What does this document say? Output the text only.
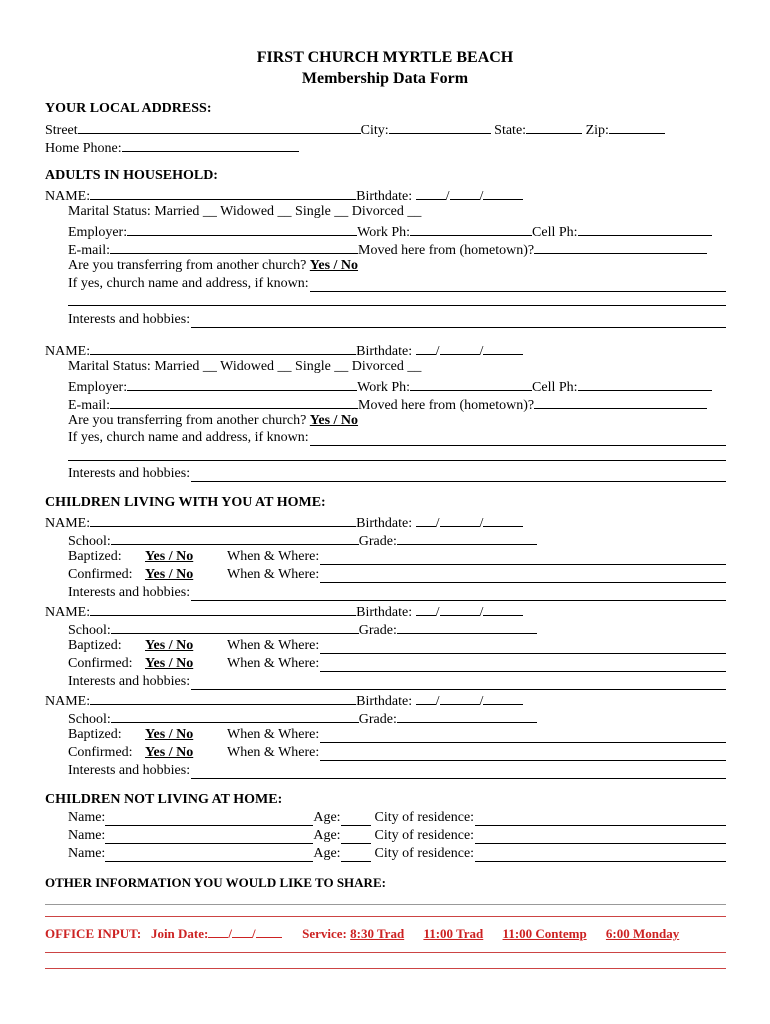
FIRST CHURCH MYRTLE BEACH
Membership Data Form
YOUR LOCAL ADDRESS:
Street	City:	State:	Zip:
Home Phone:
ADULTS IN HOUSEHOLD:
NAME:	Birthdate: / /
Marital Status: Married __ Widowed __ Single __ Divorced __
Employer:	Work Ph:	Cell Ph:
E-mail:	Moved here from (hometown)?
Are you transferring from another church? Yes / No
If yes, church name and address, if known:
Interests and hobbies:
NAME:	Birthdate: /	/
Marital Status: Married __ Widowed __ Single __ Divorced __
Employer:	Work Ph:	Cell Ph:
E-mail:	Moved here from (hometown)?
Are you transferring from another church? Yes / No
If yes, church name and address, if known:
Interests and hobbies:
CHILDREN LIVING WITH YOU AT HOME:
NAME:	Birthdate: /	/
School:	Grade:
Baptized:	Yes / No	When & Where:
Confirmed: Yes / No	When & Where:
Interests and hobbies:
NAME:	Birthdate: /	/
School:	Grade:
Baptized:	Yes / No	When & Where:
Confirmed: Yes / No	When & Where:
Interests and hobbies:
NAME:	Birthdate: /	/
School:	Grade:
Baptized:	Yes / No	When & Where:
Confirmed: Yes / No	When & Where:
Interests and hobbies:
CHILDREN NOT LIVING AT HOME:
Name:	Age: City of residence:
Name:	Age: City of residence:
Name:	Age: City of residence:
OTHER INFORMATION YOU WOULD LIKE TO SHARE:
OFFICE INPUT: Join Date: / /	Service: 8:30 Trad 11:00 Trad 11:00 Contemp 6:00 Monday
